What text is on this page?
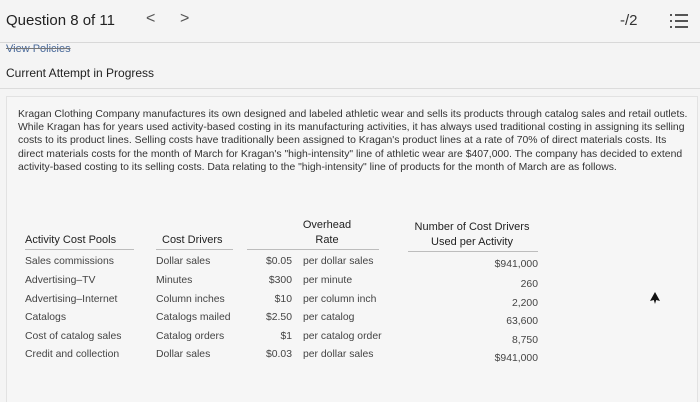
Question 8 of 11 < >	-/2
View Policies
Current Attempt in Progress

Kragan Clothing Company manufactures its own designed and labeled athletic wear and sells its products through catalog sales and retail outlets. While Kragan has for years used activity-based costing in its manufacturing activities, it has always used traditional costing in assigning its selling costs to its product lines. Selling costs have traditionally been assigned to Kragan's product lines at a rate of 70% of direct materials costs. Its direct materials costs for the month of March for Kragan's "high-intensity" line of athletic wear are $407,000. The company has decided to extend activity-based costing to its selling costs. Data relating to the "high-intensity" line of products for the month of March are as follows.

Activity Cost Pools	Cost Drivers
Overhead
Rate
Number of Cost Drivers
Used per Activity
Sales commissions	Dollar sales	$0.05 per dollar sales	$941,000
Advertising–TV	Minutes	$300 per minute	260
Advertising–Internet	Column inches	$10 per column inch	2,200
Catalogs	Catalogs mailed	$2.50 per catalog	63,600
Cost of catalog sales	Catalog orders	$1 per catalog order	8,750
Credit and collection	Dollar sales	$0.03 per dollar sales	$941,000
